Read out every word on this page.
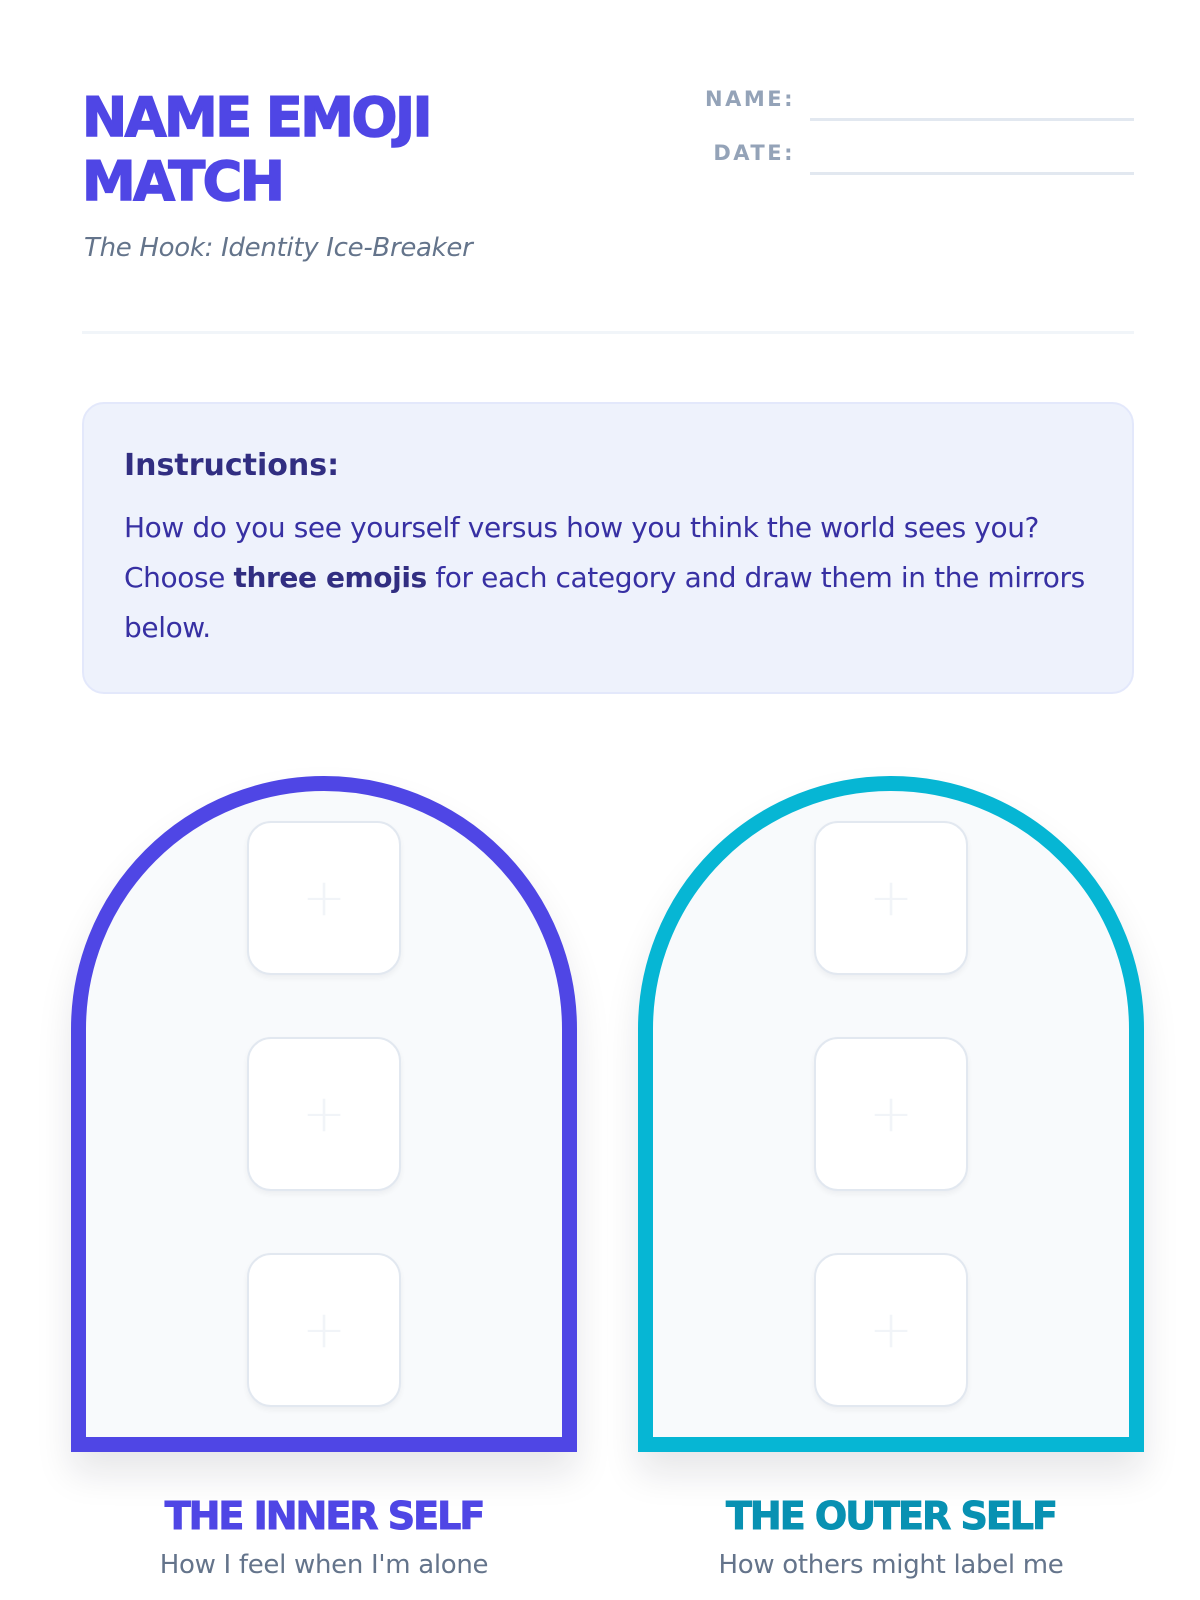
NAME EMOJI MATCH
The Hook: Identity Ice-Breaker
NAME:
DATE:

Instructions:

How do you see yourself versus how you think the world sees you? Choose three emojis for each category and draw them in the mirrors below.

+
+
+
+
+
+
THE INNER SELF
How I feel when I'm alone
THE OUTER SELF
How others might label me
